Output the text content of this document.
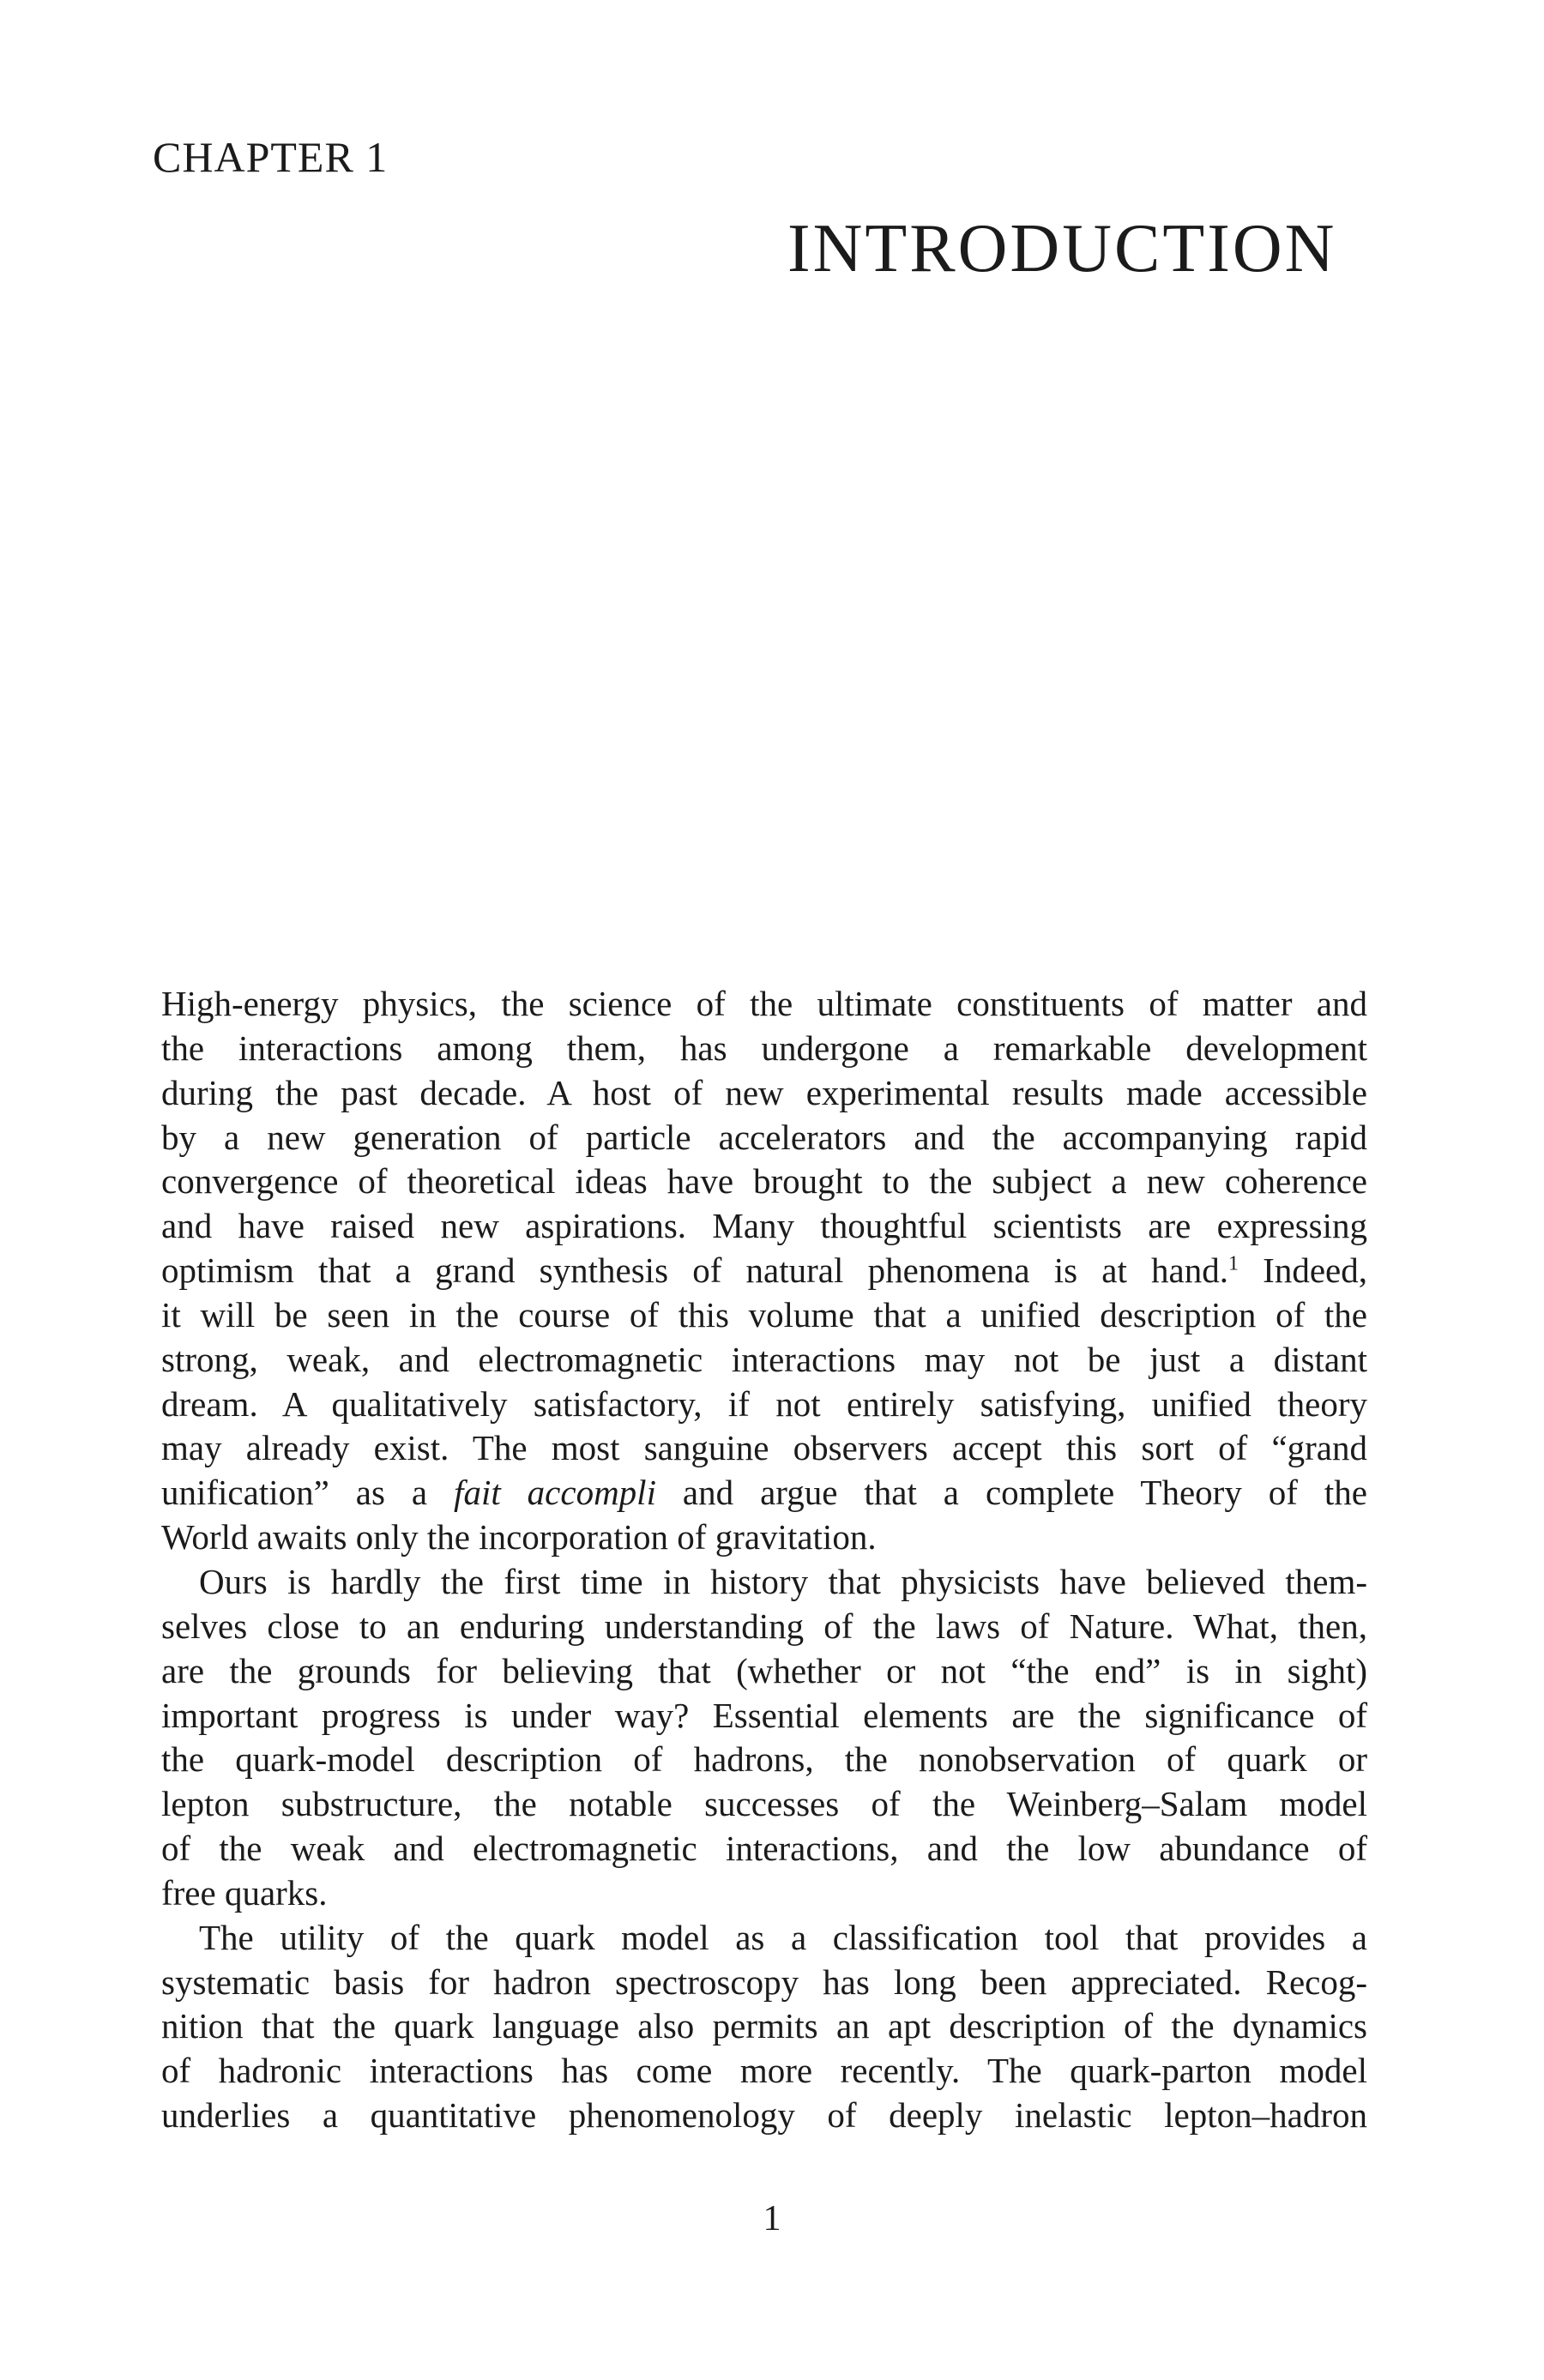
CHAPTER 1
INTRODUCTION

High-energy physics, the science of the ultimate constituents of matter and
the interactions among them, has undergone a remarkable development
during the past decade. A host of new experimental results made accessible
by a new generation of particle accelerators and the accompanying rapid
convergence of theoretical ideas have brought to the subject a new coherence
and have raised new aspirations. Many thoughtful scientists are expressing
optimism that a grand synthesis of natural phenomena is at hand.$^1$ Indeed,
it will be seen in the course of this volume that a unified description of the
strong, weak, and electromagnetic interactions may not be just a distant
dream. A qualitatively satisfactory, if not entirely satisfying, unified theory
may already exist. The most sanguine observers accept this sort of “grand
unification” as a fait accompli and argue that a complete Theory of the
World awaits only the incorporation of gravitation.

Ours is hardly the first time in history that physicists have believed them-
selves close to an enduring understanding of the laws of Nature. What, then,
are the grounds for believing that (whether or not “the end” is in sight)
important progress is under way? Essential elements are the significance of
the quark-model description of hadrons, the nonobservation of quark or
lepton substructure, the notable successes of the Weinberg–Salam model
of the weak and electromagnetic interactions, and the low abundance of
free quarks.

The utility of the quark model as a classification tool that provides a
systematic basis for hadron spectroscopy has long been appreciated. Recog-
nition that the quark language also permits an apt description of the dynamics
of hadronic interactions has come more recently. The quark-parton model
underlies a quantitative phenomenology of deeply inelastic lepton–hadron

1
